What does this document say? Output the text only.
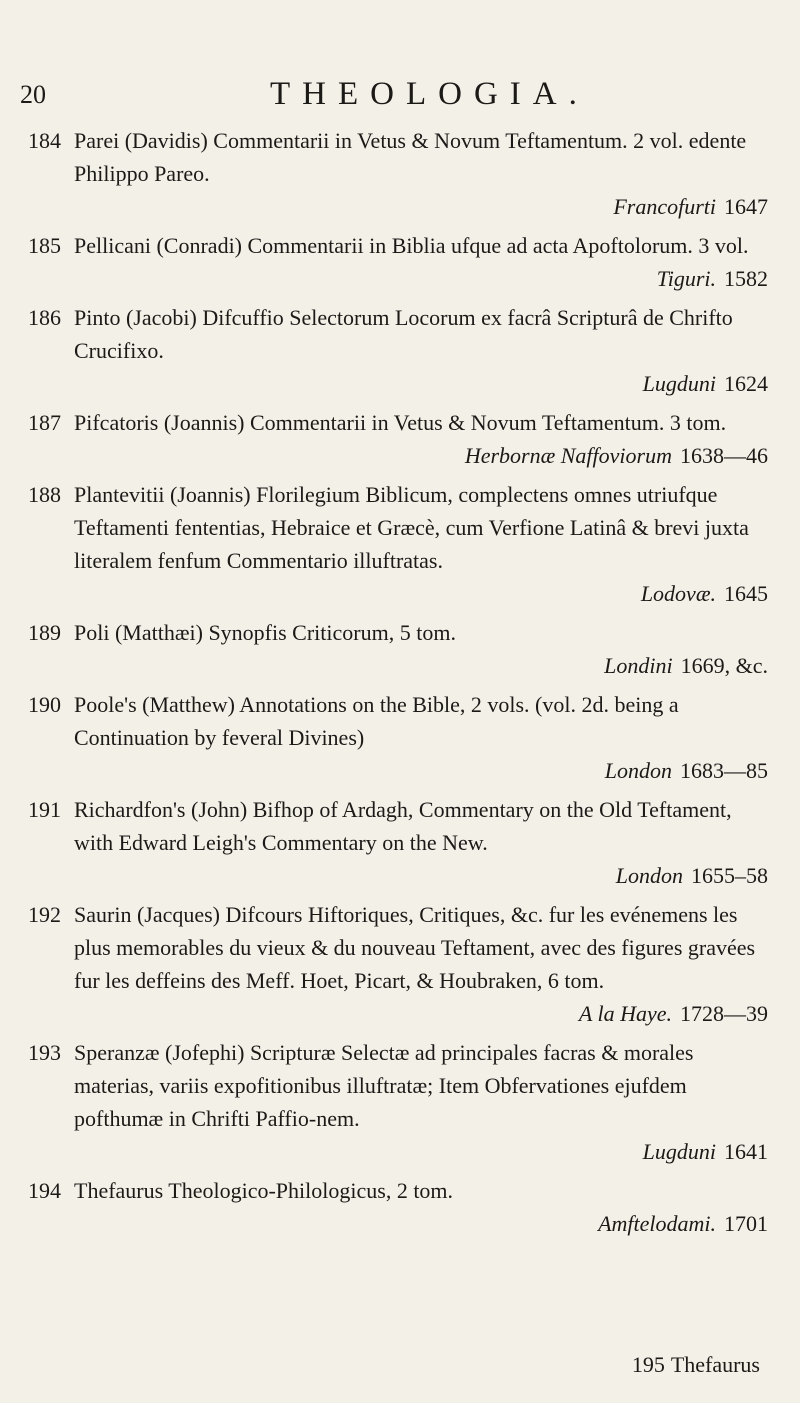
20	THEOLOGIA.
184 Parei (Davidis) Commentarii in Vetus & Novum Teftamentum. 2 vol. edente Philippo Pareo.
Francofurti 1647
185 Pellicani (Conradi) Commentarii in Biblia ufque ad acta Apoftolorum. 3 vol.
Tiguri. 1582
186 Pinto (Jacobi) Difcuffio Selectorum Locorum ex facrâ Scripturâ de Chrifto Crucifixo.
Lugduni 1624
187 Pifcatoris (Joannis) Commentarii in Vetus & Novum Teftamentum. 3 tom.
Herbornæ Naffoviorum 1638—46
188 Plantevitii (Joannis) Florilegium Biblicum, complectens omnes utriufque Teftamenti fententias, Hebraice et Græcè, cum Verfione Latinâ & brevi juxta literalem fenfum Commentario illuftratas.
Lodovæ. 1645
189 Poli (Matthæi) Synopfis Criticorum, 5 tom.
Londini 1669, &c.
190 Poole's (Matthew) Annotations on the Bible, 2 vols. (vol. 2d. being a Continuation by feveral Divines)
London 1683—85
191 Richardfon's (John) Bifhop of Ardagh, Commentary on the Old Teftament, with Edward Leigh's Commentary on the New.
London 1655–58
192 Saurin (Jacques) Difcours Hiftoriques, Critiques, &c. fur les evénemens les plus memorables du vieux & du nouveau Teftament, avec des figures gravées fur les deffeins des Meff. Hoet, Picart, & Houbraken, 6 tom.
A la Haye. 1728—39
193 Speranzæ (Jofephi) Scripturæ Selectæ ad principales facras & morales materias, variis expofitionibus illuftratæ; Item Obfervationes ejufdem pofthumæ in Chrifti Paffio-nem.
Lugduni 1641
194 Thefaurus Theologico-Philologicus, 2 tom.
Amftelodami. 1701
195 Thefaurus
